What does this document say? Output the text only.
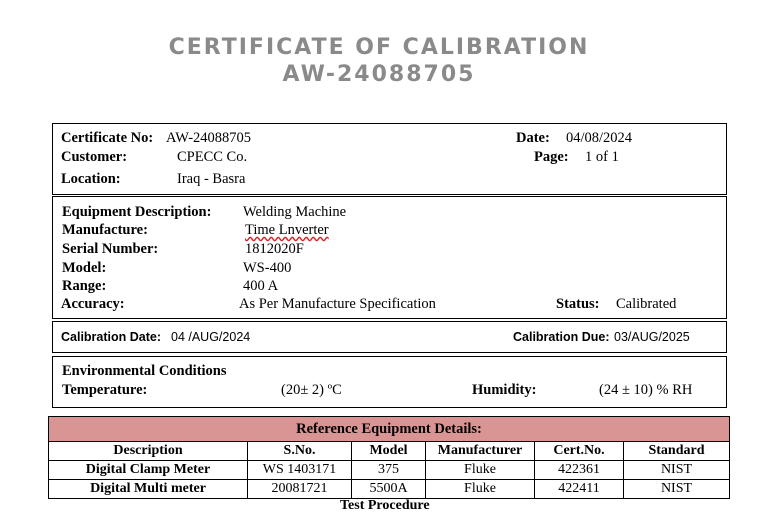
CERTIFICATE OF CALIBRATION
AW-24088705
Certificate No: AW-24088705
Customer:	CPECC Co.
Location:	Iraq - Basra
Date: 04/08/2024
Page: 1 of 1
Equipment Description: Welding Machine
Manufacture:	Time Lnverter
Serial Number:	1812020F
Model:	WS-400
Range:	400 A
Accuracy:	As Per Manufacture Specification	Status: Calibrated
Calibration Date: 04 /AUG/2024	Calibration Due: 03/AUG/2025
Environmental Conditions
Temperature:	(20± 2) ºC	Humidity:	(24 ± 10) % RH
Reference Equipment Details:					
Description	S.No.	Model	Manufacturer	Cert.No.	Standard
Digital Clamp Meter	WS 1403171	375	Fluke	422361	NIST
Digital Multi meter	20081721	5500A	Fluke	422411	NIST
Test Procedure
